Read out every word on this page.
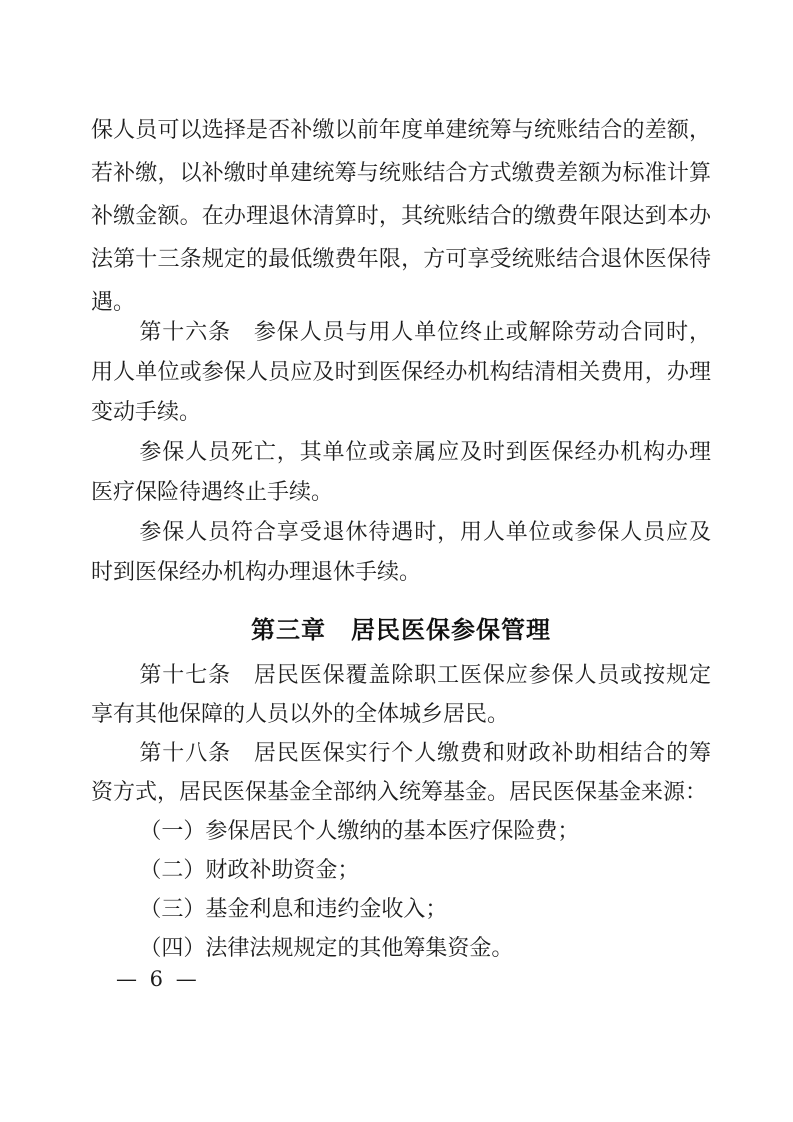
保人员可以选择是否补缴以前年度单建统筹与统账结合的差额，若补缴，以补缴时单建统筹与统账结合方式缴费差额为标准计算补缴金额。在办理退休清算时，其统账结合的缴费年限达到本办法第十三条规定的最低缴费年限，方可享受统账结合退休医保待遇。

第十六条　参保人员与用人单位终止或解除劳动合同时，用人单位或参保人员应及时到医保经办机构结清相关费用，办理变动手续。

参保人员死亡，其单位或亲属应及时到医保经办机构办理医疗保险待遇终止手续。

参保人员符合享受退休待遇时，用人单位或参保人员应及时到医保经办机构办理退休手续。

第三章　居民医保参保管理

第十七条　居民医保覆盖除职工医保应参保人员或按规定享有其他保障的人员以外的全体城乡居民。

第十八条　居民医保实行个人缴费和财政补助相结合的筹资方式，居民医保基金全部纳入统筹基金。居民医保基金来源：

（一）参保居民个人缴纳的基本医疗保险费；

（二）财政补助资金；

（三）基金利息和违约金收入；

（四）法律法规规定的其他筹集资金。

— 6 —
